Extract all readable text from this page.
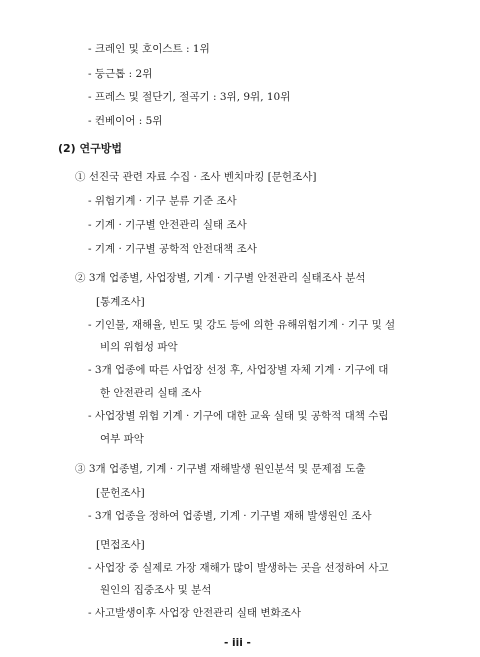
- 크레인 및 호이스트 : 1위
- 둥근톱 : 2위
- 프레스 및 절단기, 절곡기 : 3위, 9위, 10위
- 컨베이어 : 5위
(2) 연구방법
① 선진국 관련 자료 수집 · 조사 벤치마킹 [문헌조사]
- 위험기계 · 기구 분류 기준 조사
- 기계 · 기구별 안전관리 실태 조사
- 기계 · 기구별 공학적 안전대책 조사
② 3개 업종별, 사업장별, 기계 · 기구별 안전관리 실태조사 분석
[통계조사]
- 기인물, 재해율, 빈도 및 강도 등에 의한 유해위험기계 · 기구 및 설
비의 위험성 파악
- 3개 업종에 따른 사업장 선정 후, 사업장별 자체 기계 · 기구에 대
한 안전관리 실태 조사
- 사업장별 위험 기계 · 기구에 대한 교육 실태 및 공학적 대책 수립
여부 파악
③ 3개 업종별, 기계 · 기구별 재해발생 원인분석 및 문제점 도출
[문헌조사]
- 3개 업종을 정하여 업종별, 기계 · 기구별 재해 발생원인 조사
[면접조사]
- 사업장 중 실제로 가장 재해가 많이 발생하는 곳을 선정하여 사고
원인의 집중조사 및 분석
- 사고발생이후 사업장 안전관리 실태 변화조사
- iii -
